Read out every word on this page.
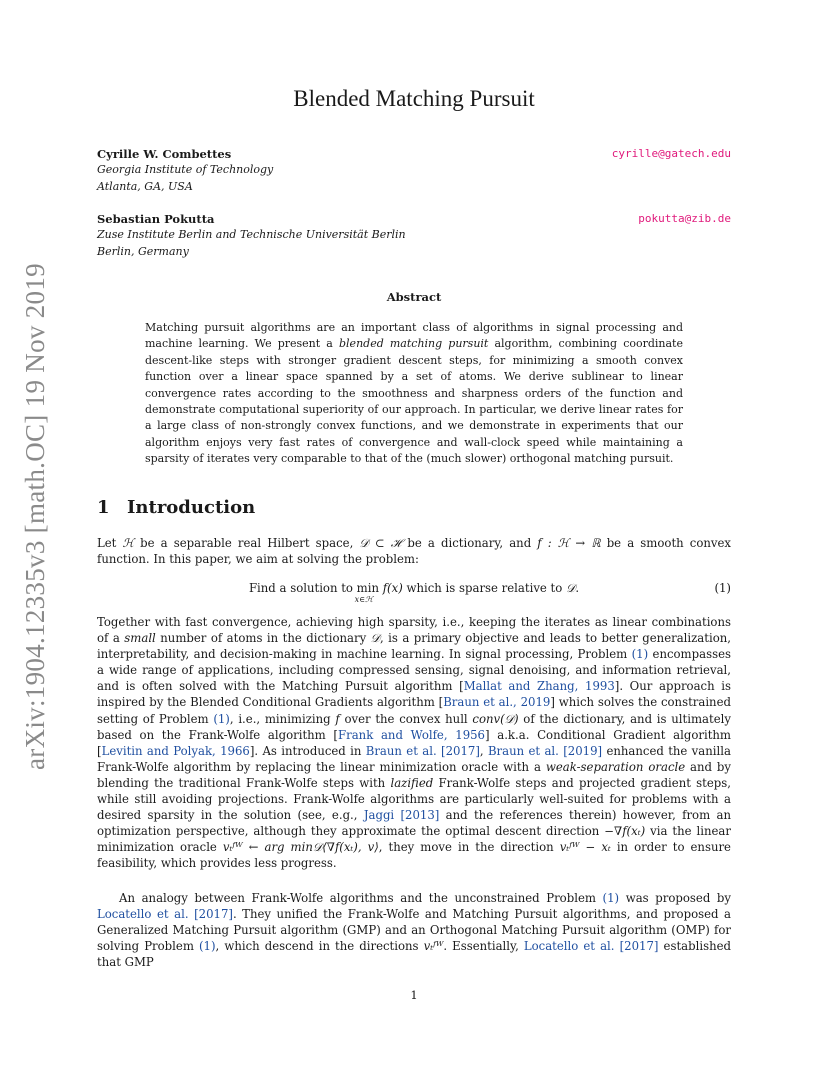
arXiv:1904.12335v3 [math.OC] 19 Nov 2019
Blended Matching Pursuit
Cyrille W. Combettes
Georgia Institute of Technology
Atlanta, GA, USA
cyrille@gatech.edu
Sebastian Pokutta
Zuse Institute Berlin and Technische Universität Berlin
Berlin, Germany
pokutta@zib.de
Abstract

Matching pursuit algorithms are an important class of algorithms in signal processing and machine learning. We present a blended matching pursuit algorithm, combining coordinate descent-like steps with stronger gradient descent steps, for minimizing a smooth convex function over a linear space spanned by a set of atoms. We derive sublinear to linear convergence rates according to the smoothness and sharpness orders of the function and demonstrate computational superiority of our approach. In particular, we derive linear rates for a large class of non-strongly convex functions, and we demonstrate in experiments that our algorithm enjoys very fast rates of convergence and wall-clock speed while maintaining a sparsity of iterates very comparable to that of the (much slower) orthogonal matching pursuit.

1 Introduction

Let ℋ be a separable real Hilbert space, 𝒟 ⊂ ℋ be a dictionary, and f : ℋ → ℝ be a smooth convex function. In this paper, we aim at solving the problem:

Find a solution to min
x∈ℋ
f(x) which is sparse relative to 𝒟.	(1)

Together with fast convergence, achieving high sparsity, i.e., keeping the iterates as linear combinations of a small number of atoms in the dictionary 𝒟, is a primary objective and leads to better generalization, interpretability, and decision-making in machine learning. In signal processing, Problem (1) encompasses a wide range of applications, including compressed sensing, signal denoising, and information retrieval, and is often solved with the Matching Pursuit algorithm [Mallat and Zhang, 1993]. Our approach is inspired by the Blended Conditional Gradients algorithm [Braun et al., 2019] which solves the constrained setting of Problem (1), i.e., minimizing f over the convex hull conv(𝒟) of the dictionary, and is ultimately based on the Frank-Wolfe algorithm [Frank and Wolfe, 1956] a.k.a. Conditional Gradient algorithm [Levitin and Polyak, 1966]. As introduced in Braun et al. [2017], Braun et al. [2019] enhanced the vanilla Frank-Wolfe algorithm by replacing the linear minimization oracle with a weak-separation oracle and by blending the traditional Frank-Wolfe steps with lazified Frank-Wolfe steps and projected gradient steps, while still avoiding projections. Frank-Wolfe algorithms are particularly well-suited for problems with a desired sparsity in the solution (see, e.g., Jaggi [2013] and the references therein) however, from an optimization perspective, although they approximate the optimal descent direction −∇f(xₜ) via the linear minimization oracle vₜᶠᵂ ← arg min𝒟⟨∇f(xₜ), v⟩, they move in the direction vₜᶠᵂ − xₜ in order to ensure feasibility, which provides less progress.

An analogy between Frank-Wolfe algorithms and the unconstrained Problem (1) was proposed by Locatello et al. [2017]. They unified the Frank-Wolfe and Matching Pursuit algorithms, and proposed a Generalized Matching Pursuit algorithm (GMP) and an Orthogonal Matching Pursuit algorithm (OMP) for solving Problem (1), which descend in the directions vₜᶠᵂ. Essentially, Locatello et al. [2017] established that GMP

1
